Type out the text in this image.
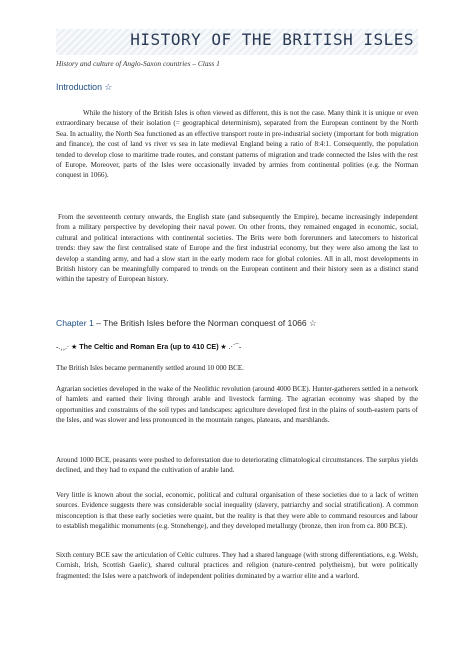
HISTORY OF THE BRITISH ISLES

History and culture of Anglo-Saxon countries – Class 1

Introduction ☆

While the history of the British Isles is often viewed as different, this is not the case. Many think it is unique or even extraordinary because of their isolation (= geographical determinism), separated from the European continent by the North Sea. In actuality, the North Sea functioned as an effective transport route in pre-industrial society (important for both migration and finance), the cost of land vs river vs sea in late medieval England being a ratio of 8:4:1. Consequently, the population tended to develop close to maritime trade routes, and constant patterns of migration and trade connected the Isles with the rest of Europe. Moreover, parts of the Isles were occasionally invaded by armies from continental polities (e.g. the Norman conquest in 1066).

From the seventeenth century onwards, the English state (and subsequently the Empire), became increasingly independent from a military perspective by developing their naval power. On other fronts, they remained engaged in economic, social, cultural and political interactions with continental societies. The Brits were both forerunners and latecomers to historical trends: they saw the first centralised state of Europe and the first industrial economy, but they were also among the last to develop a standing army, and had a slow start in the early modern race for global colonies. All in all, most developments in British history can be meaningfully compared to trends on the European continent and their history seen as a distinct stand within the tapestry of European history.

Chapter 1 – The British Isles before the Norman conquest of 1066 ☆

-.¸¸.· ★ The Celtic and Roman Era (up to 410 CE) ★ .·´¯-

The British Isles became permanently settled around 10 000 BCE.

Agrarian societies developed in the wake of the Neolithic revolution (around 4000 BCE). Hunter-gatherers settled in a network of hamlets and earned their living through arable and livestock farming. The agrarian economy was shaped by the opportunities and constraints of the soil types and landscapes: agriculture developed first in the plains of south-eastern parts of the Isles, and was slower and less pronounced in the mountain ranges, plateaus, and marshlands.

Around 1000 BCE, peasants were pushed to deforestation due to deteriorating climatological circumstances. The surplus yields declined, and they had to expand the cultivation of arable land.

Very little is known about the social, economic, political and cultural organisation of these societies due to a lack of written sources. Evidence suggests there was considerable social inequality (slavery, patriarchy and social stratification). A common misconception is that these early societies were quaint, but the reality is that they were able to command resources and labour to establish megalithic monuments (e.g. Stonehenge), and they developed metallurgy (bronze, then iron from ca. 800 BCE).

Sixth century BCE saw the articulation of Celtic cultures. They had a shared language (with strong differentiations, e.g. Welsh, Cornish, Irish, Scottish Gaelic), shared cultural practices and religion (nature-centred polytheism), but were politically fragmented: the Isles were a patchwork of independent polities dominated by a warrior elite and a warlord.
